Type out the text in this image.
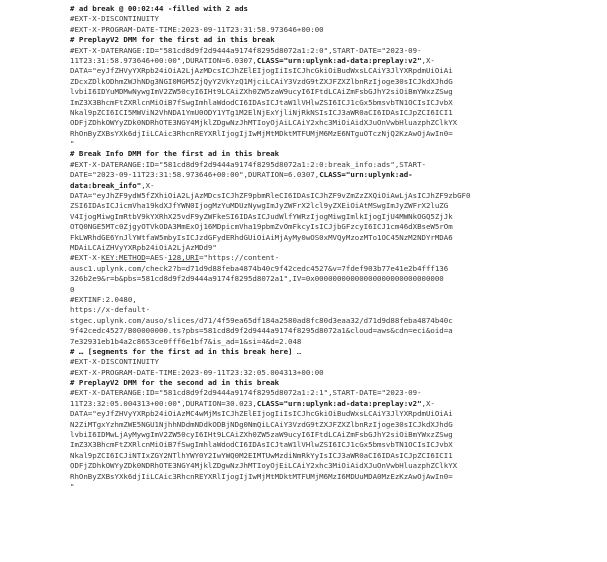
# ad break @ 00:02:44 -filled with 2 ads
#EXT-X-DISCONTINUITY
#EXT-X-PROGRAM-DATE-TIME:2023-09-11T23:31:58.973646+00:00
# PreplayV2 DMM for the first ad in this break
#EXT-X-DATERANGE:ID="581cd8d9f2d9444a9174f8295d8072a1:2:0",START-DATE="2023-09-
11T23:31:58.973646+00:00",DURATION=6.0307,CLASS="urn:uplynk:ad-data:preplay:v2",X-
DATA="eyJfZHVyYXRpb24iOiA2LjAzMDcsICJhZElEIjogIiIsICJhcGkiOiBudWxsLCAiY3JlYXRpdmUiOiAi
ZDcxZDlkODhmZWJhNDg3NGI0MGM5ZjQyY2VkYzQ1MjciLCAiY3VzdG9tZXJFZXZlbnRzIjoge30sICJkdXJhdG
lvbiI6IDYuMDMwNywgImV2ZW50cyI6IHt9LCAiZXh0ZW5zaW9ucyI6IFtdLCAiZmFsbGJhY2siOiBmYWxzZSwg
ImZ3X3BhcmFtZXRlcnMiOiB7fSwgImhlaWdodCI6IDAsICJtaW1lVHlwZSI6ICJ1cGx5bmsvbTN1OCIsICJvbX
Nkal9pZCI6ICI5MWViN2VhNDA1YmU0ODY1YTg1M2ElNjExYjliNjRkNSIsICJ3aWR0aCI6IDAsICJpZCI6ICI1
ODFjZDhkOWYyZDk0NDRhOTE3NGY4MjklZDgwNzJhMTIoyOjAiLCAiY2xhc3MiOiAidXJuOnVwbHluazphZClkYX
RhOnByZXBsYXk6djIiLCAic3RhcnREYXRlIjogIjIwMjMtMDktMTFUMjM6MzE6NTguOTczNjQ2KzAwOjAwIn0=
"
# Break Info DMM for the first ad in this break
#EXT-X-DATERANGE:ID="581cd8d9f2d9444a9174f8295d8072a1:2:0:break_info:ads",START-
DATE="2023-09-11T23:31:58.973646+00:00",DURATION=6.0307,CLASS="urn:uplynk:ad-
data:break_info",X-
DATA="eyJhZF9ydW5fZXhiOiA2LjAzMDcsICJhZF9pbmRleCI6IDAsICJhZF9vZmZzZXQiOiAwLjAsICJhZF9zbGF0
ZSI6IDAsICJicmVha19kdXJfYWN0IjogMzYuMDUzNywgImJyZWFrX2lcl9yZXEiOiAtMSwgImJyZWFrX2luZG
V4IjogMiwgImRtbV9kYXRhX25vdF9yZWFkeSI6IDAsICJudWlfYWRzIjogMiwgImlkIjogIjU4MWNkOGQ5ZjJk
OTQ0NGE5MTc0ZjgyOTVkODA3MmExOj16MDpicmVha19pbmZvOmFkcyIsICJjbGFzcyI6ICJ1cm46dXBseW5rOm
FkLWRhdGE6YnJlYWtfaW5mbyIsICJzdGFydERhdGUiOiAiMjAyMy0wOS0xMVQyMzozMTo1OC45NzM2NDYrMDA6
MDAiLCAiZHVyYXRpb24iOiA2LjAzMDd9"
#EXT-X-KEY:METHOD=AES-128,URI="https://content-
ausc1.uplynk.com/check2?b=d71d9d88feba4874b40c9f42cedc4527&v=7fdef903b77e41e2b4fff136
326b2e9&r=b&pbs=581cd8d9f2d9444a9174f8295d8072a1",IV=0x00000000000000000000000000000
0
#EXTINF:2.0480,
https://x-default-
stgec.uplynk.com/auso/slices/d71/4f59ea65df184a2580ad8fc80d3eaa32/d71d9d88feba4874b40c
9f42cedc4527/B00000000.ts?pbs=581cd8d9f2d9444a9174f8295d8072a1&cloud=aws&cdn=eci&oid=a
7e32931eb1b4a2c8653ce0fff6e1bf7&is_ad=1&si=4&d=2.048
# … [segments for the first ad in this break here] …
#EXT-X-DISCONTINUITY
#EXT-X-PROGRAM-DATE-TIME:2023-09-11T23:32:05.004313+00:00
# PreplayV2 DMM for the second ad in this break
#EXT-X-DATERANGE:ID="581cd8d9f2d9444a9174f8295d8072a1:2:1",START-DATE="2023-09-
11T23:32:05.004313+00:00",DURATION=30.023,CLASS="urn:uplynk:ad-data:preplay:v2",X-
DATA="eyJfZHVyYXRpb24iOiAzMC4wMjMsICJhZElEIjogIiIsICJhcGkiOiBudWxsLCAiY3JlYXRpdmUiOiAi
N2ZiMTgxYzhmZWE5NGU1NjhhNDdmNDdkODBjNDg0NmQiLCAiY3VzdG9tZXJFZXZlbnRzIjoge30sICJkdXJhdG
lvbiI6IDMwLjAyMywgImV2ZW50cyI6IHt9LCAiZXh0ZW5zaW9ucyI6IFtdLCAiZmFsbGJhY2siOiBmYWxzZSwg
ImZ3X3BhcmFtZXRlcnMiOiB7fSwgImhlaWdodCI6IDAsICJtaW1lVHlwZSI6ICJ1cGx5bmsvbTN1OCIsICJvbX
Nkal9pZCI6ICJiNTIxZGY2NTlhYWY0Y2IwYWQ0M2EIMTUwMzdiNmRkYyIsICJ3aWR0aCI6IDAsICJpZCI6ICI1
ODFjZDhkOWYyZDk0NDRhOTE3NGY4MjklZDgwNzJhMTIoyOjEiLCAiY2xhc3MiOiAidXJuOnVwbHluazphZClkYX
RhOnByZXBsYXk6djIiLCAic3RhcnREYXRlIjogIjIwMjMtMDktMTFUMjM6MzI6MDUuMDA0MzEzKzAwOjAwIn0=
"
